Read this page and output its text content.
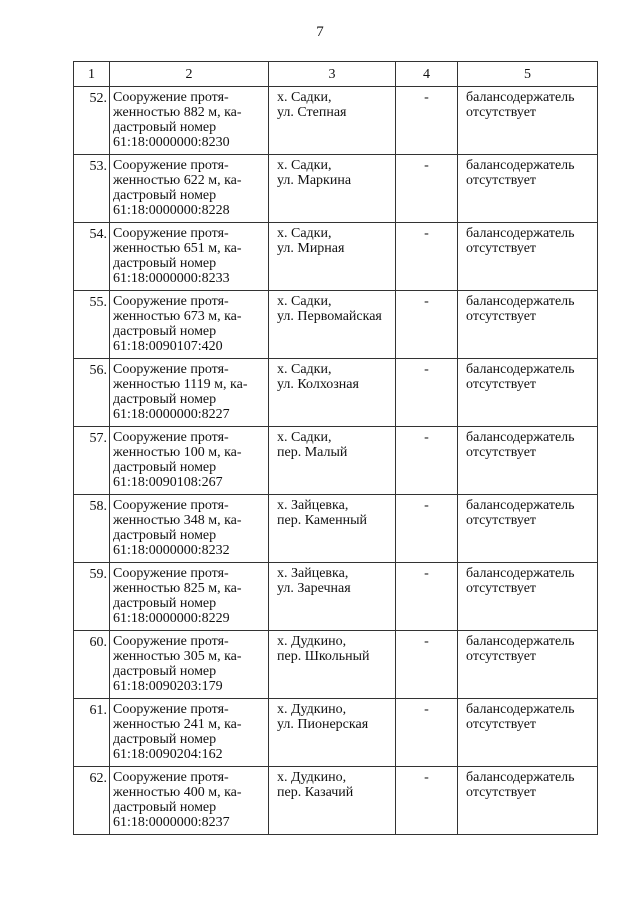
7
1	2	3	4	5
52.	Сооружение протя-
женностью 882 м, ка-
дастровый номер
61:18:0000000:8230	х. Садки,
ул. Степная	-	балансодержатель
отсутствует

53.	Сооружение протя-
женностью 622 м, ка-
дастровый номер
61:18:0000000:8228	х. Садки,
ул. Маркина	-	балансодержатель
отсутствует

54.	Сооружение протя-
женностью 651 м, ка-
дастровый номер
61:18:0000000:8233	х. Садки,
ул. Мирная	-	балансодержатель
отсутствует

55.	Сооружение протя-
женностью 673 м, ка-
дастровый номер
61:18:0090107:420	х. Садки,
ул. Первомайская	-	балансодержатель
отсутствует

56.	Сооружение протя-
женностью 1119 м, ка-
дастровый номер
61:18:0000000:8227	х. Садки,
ул. Колхозная	-	балансодержатель
отсутствует

57.	Сооружение протя-
женностью 100 м, ка-
дастровый номер
61:18:0090108:267	х. Садки,
пер. Малый	-	балансодержатель
отсутствует

58.	Сооружение протя-
женностью 348 м, ка-
дастровый номер
61:18:0000000:8232	х. Зайцевка,
пер. Каменный	-	балансодержатель
отсутствует

59.	Сооружение протя-
женностью 825 м, ка-
дастровый номер
61:18:0000000:8229	х. Зайцевка,
ул. Заречная	-	балансодержатель
отсутствует

60.	Сооружение протя-
женностью 305 м, ка-
дастровый номер
61:18:0090203:179	х. Дудкино,
пер. Школьный	-	балансодержатель
отсутствует

61.	Сооружение протя-
женностью 241 м, ка-
дастровый номер
61:18:0090204:162	х. Дудкино,
ул. Пионерская	-	балансодержатель
отсутствует

62.	Сооружение протя-
женностью 400 м, ка-
дастровый номер
61:18:0000000:8237	х. Дудкино,
пер. Казачий	-	балансодержатель
отсутствует
